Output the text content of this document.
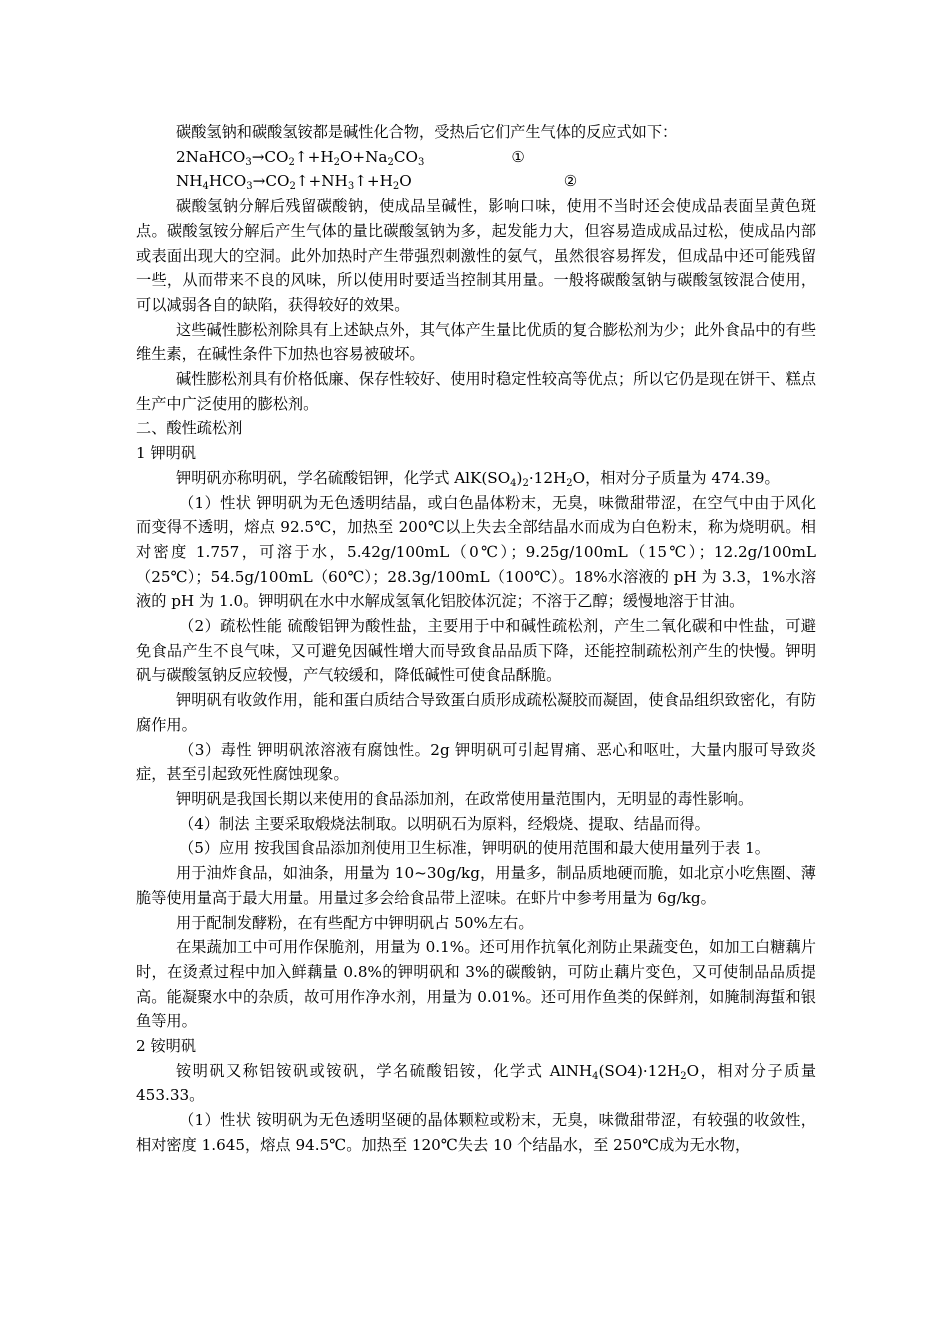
碳酸氢钠和碳酸氢铵都是碱性化合物，受热后它们产生气体的反应式如下：

$2NaHCO_3\to CO_2↑+H_2O+Na_2CO_3$	①

$NH_4HCO_3\to CO_2↑+NH_3↑+H_2O$	②

碳酸氢钠分解后残留碳酸钠，使成品呈碱性，影响口味，使用不当时还会使成品表面呈黄色斑点。碳酸氢铵分解后产生气体的量比碳酸氢钠为多，起发能力大，但容易造成成品过松，使成品内部或表面出现大的空洞。此外加热时产生带强烈刺激性的氨气，虽然很容易挥发，但成品中还可能残留一些，从而带来不良的风味，所以使用时要适当控制其用量。一般将碳酸氢钠与碳酸氢铵混合使用，可以减弱各自的缺陷，获得较好的效果。

这些碱性膨松剂除具有上述缺点外，其气体产生量比优质的复合膨松剂为少；此外食品中的有些维生素，在碱性条件下加热也容易被破坏。

碱性膨松剂具有价格低廉、保存性较好、使用时稳定性较高等优点；所以它仍是现在饼干、糕点生产中广泛使用的膨松剂。

二、酸性疏松剂

1 钾明矾

钾明矾亦称明矾，学名硫酸铝钾，化学式 $AlK(SO_4)_2\cdot 12H_2O$，相对分子质量为 474.39。

（1）性状 钾明矾为无色透明结晶，或白色晶体粉末，无臭，味微甜带涩，在空气中由于风化而变得不透明，熔点 92.5℃，加热至 200℃以上失去全部结晶水而成为白色粉末，称为烧明矾。相对密度 1.757，可溶于水，5.42g/100mL（0℃）；9.25g/100mL（15℃）；12.2g/100mL（25℃）；54.5g/100mL（60℃）；28.3g/100mL（100℃）。18%水溶液的 pH 为 3.3，1%水溶液的 pH 为 1.0。钾明矾在水中水解成氢氧化铝胶体沉淀；不溶于乙醇；缓慢地溶于甘油。

（2）疏松性能 硫酸铝钾为酸性盐，主要用于中和碱性疏松剂，产生二氧化碳和中性盐，可避免食品产生不良气味，又可避免因碱性增大而导致食品品质下降，还能控制疏松剂产生的快慢。钾明矾与碳酸氢钠反应较慢，产气较缓和，降低碱性可使食品酥脆。

钾明矾有收敛作用，能和蛋白质结合导致蛋白质形成疏松凝胶而凝固，使食品组织致密化，有防腐作用。

（3）毒性 钾明矾浓溶液有腐蚀性。2g 钾明矾可引起胃痛、恶心和呕吐，大量内服可导致炎症，甚至引起致死性腐蚀现象。

钾明矾是我国长期以来使用的食品添加剂，在政常使用量范围内，无明显的毒性影响。

（4）制法 主要采取煅烧法制取。以明矾石为原料，经煅烧、提取、结晶而得。

（5）应用 按我国食品添加剂使用卫生标准，钾明矾的使用范围和最大使用量列于表 1。

用于油炸食品，如油条，用量为 10~30g/kg，用量多，制品质地硬而脆，如北京小吃焦圈、薄脆等使用量高于最大用量。用量过多会给食品带上涩味。在虾片中参考用量为 6g/kg。

用于配制发酵粉，在有些配方中钾明矾占 50%左右。

在果蔬加工中可用作保脆剂，用量为 0.1%。还可用作抗氧化剂防止果蔬变色，如加工白糖藕片时，在烫煮过程中加入鲜藕量 0.8%的钾明矾和 3%的碳酸钠，可防止藕片变色，又可使制品品质提高。能凝聚水中的杂质，故可用作净水剂，用量为 0.01%。还可用作鱼类的保鲜剂，如腌制海蜇和银鱼等用。

2 铵明矾

铵明矾又称铝铵矾或铵矾，学名硫酸铝铵，化学式 $AlNH_4(SO4)\cdot 12H_2O$，相对分子质量 453.33。

（1）性状 铵明矾为无色透明坚硬的晶体颗粒或粉末，无臭，味微甜带涩，有较强的收敛性，相对密度 1.645，熔点 94.5℃。加热至 120℃失去 10 个结晶水，至 250℃成为无水物，
